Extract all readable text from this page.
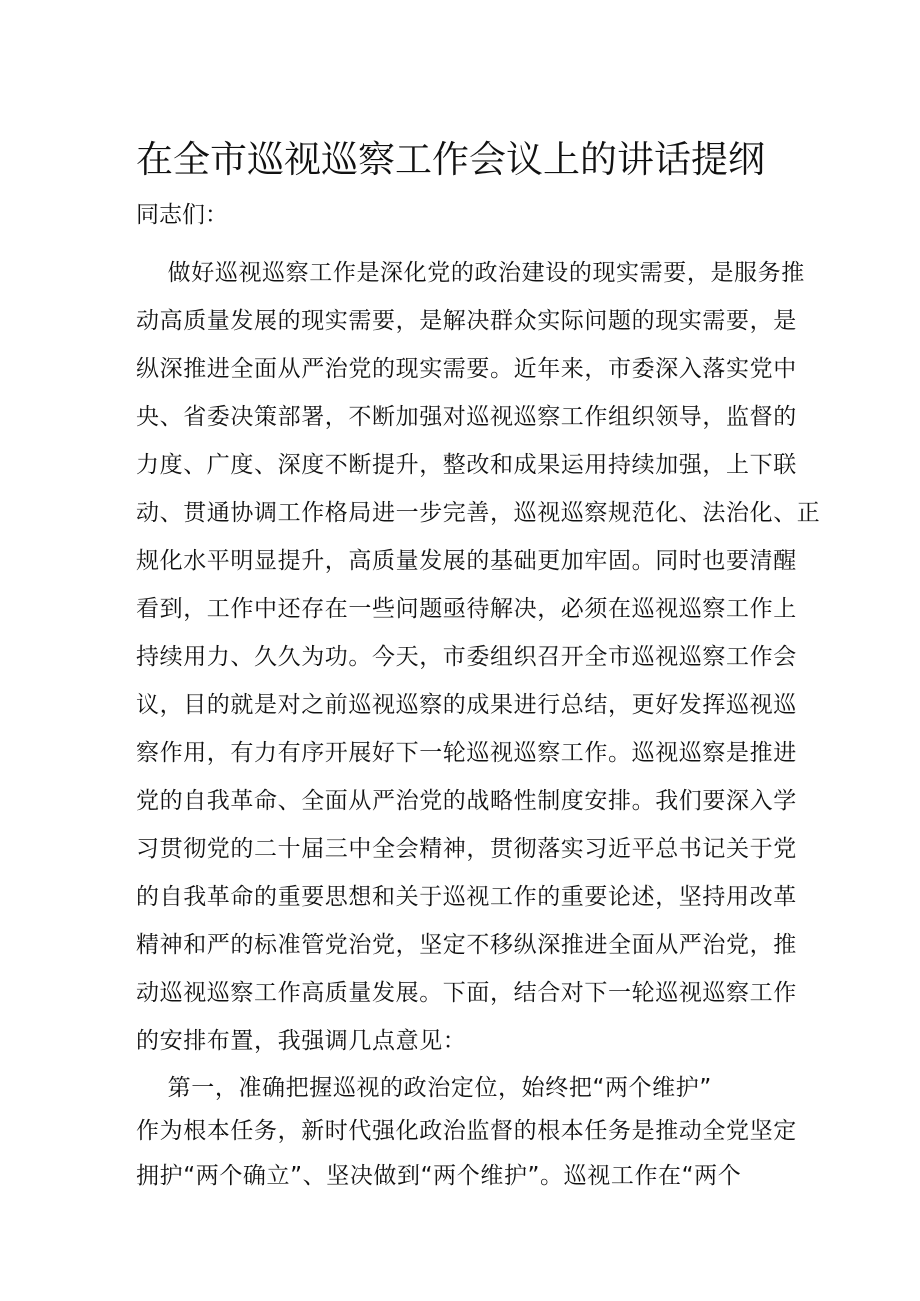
在全市巡视巡察工作会议上的讲话提纲
同志们：
做好巡视巡察工作是深化党的政治建设的现实需要，是服务推
动高质量发展的现实需要，是解决群众实际问题的现实需要，是
纵深推进全面从严治党的现实需要。近年来，市委深入落实党中
央、省委决策部署，不断加强对巡视巡察工作组织领导，监督的
力度、广度、深度不断提升，整改和成果运用持续加强，上下联
动、贯通协调工作格局进一步完善，巡视巡察规范化、法治化、正
规化水平明显提升，高质量发展的基础更加牢固。同时也要清醒
看到，工作中还存在一些问题亟待解决，必须在巡视巡察工作上
持续用力、久久为功。今天，市委组织召开全市巡视巡察工作会
议，目的就是对之前巡视巡察的成果进行总结，更好发挥巡视巡
察作用，有力有序开展好下一轮巡视巡察工作。巡视巡察是推进
党的自我革命、全面从严治党的战略性制度安排。我们要深入学
习贯彻党的二十届三中全会精神，贯彻落实习近平总书记关于党
的自我革命的重要思想和关于巡视工作的重要论述，坚持用改革
精神和严的标准管党治党，坚定不移纵深推进全面从严治党，推
动巡视巡察工作高质量发展。下面，结合对下一轮巡视巡察工作
的安排布置，我强调几点意见：
第一，准确把握巡视的政治定位，始终把“两个维护”
作为根本任务，新时代强化政治监督的根本任务是推动全党坚定
拥护“两个确立”、坚决做到“两个维护”。巡视工作在“两个
